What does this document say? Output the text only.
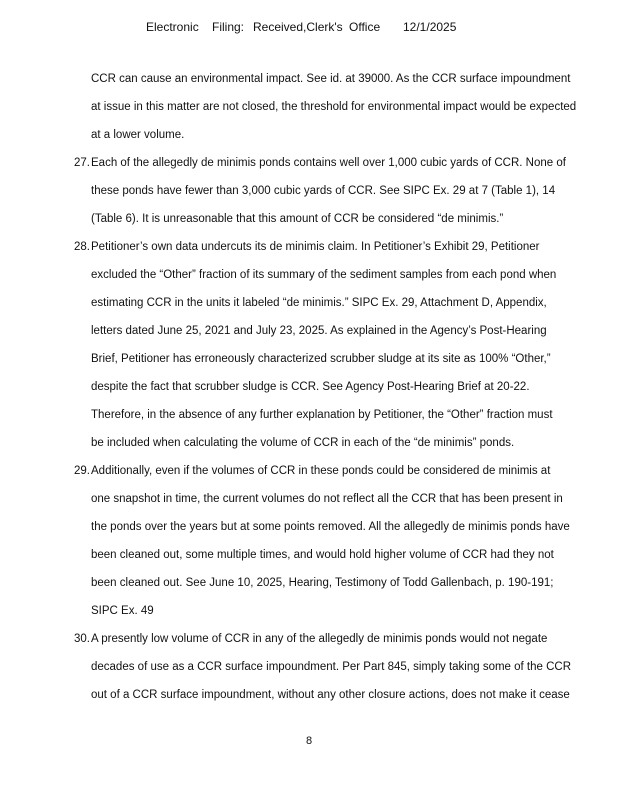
Electronic Filing: Received,Clerk's Office 12/1/2025
CCR can cause an environmental impact. See id. at 39000. As the CCR surface impoundment
at issue in this matter are not closed, the threshold for environmental impact would be expected
at a lower volume.
27. Each of the allegedly de minimis ponds contains well over 1,000 cubic yards of CCR. None of
these ponds have fewer than 3,000 cubic yards of CCR. See SIPC Ex. 29 at 7 (Table 1), 14
(Table 6). It is unreasonable that this amount of CCR be considered “de minimis.”
28. Petitioner’s own data undercuts its de minimis claim. In Petitioner’s Exhibit 29, Petitioner
excluded the “Other” fraction of its summary of the sediment samples from each pond when
estimating CCR in the units it labeled “de minimis.” SIPC Ex. 29, Attachment D, Appendix,
letters dated June 25, 2021 and July 23, 2025. As explained in the Agency’s Post-Hearing
Brief, Petitioner has erroneously characterized scrubber sludge at its site as 100% “Other,”
despite the fact that scrubber sludge is CCR. See Agency Post-Hearing Brief at 20-22.
Therefore, in the absence of any further explanation by Petitioner, the “Other” fraction must
be included when calculating the volume of CCR in each of the “de minimis” ponds.
29. Additionally, even if the volumes of CCR in these ponds could be considered de minimis at
one snapshot in time, the current volumes do not reflect all the CCR that has been present in
the ponds over the years but at some points removed. All the allegedly de minimis ponds have
been cleaned out, some multiple times, and would hold higher volume of CCR had they not
been cleaned out. See June 10, 2025, Hearing, Testimony of Todd Gallenbach, p. 190-191;
SIPC Ex. 49
30. A presently low volume of CCR in any of the allegedly de minimis ponds would not negate
decades of use as a CCR surface impoundment. Per Part 845, simply taking some of the CCR
out of a CCR surface impoundment, without any other closure actions, does not make it cease
8
